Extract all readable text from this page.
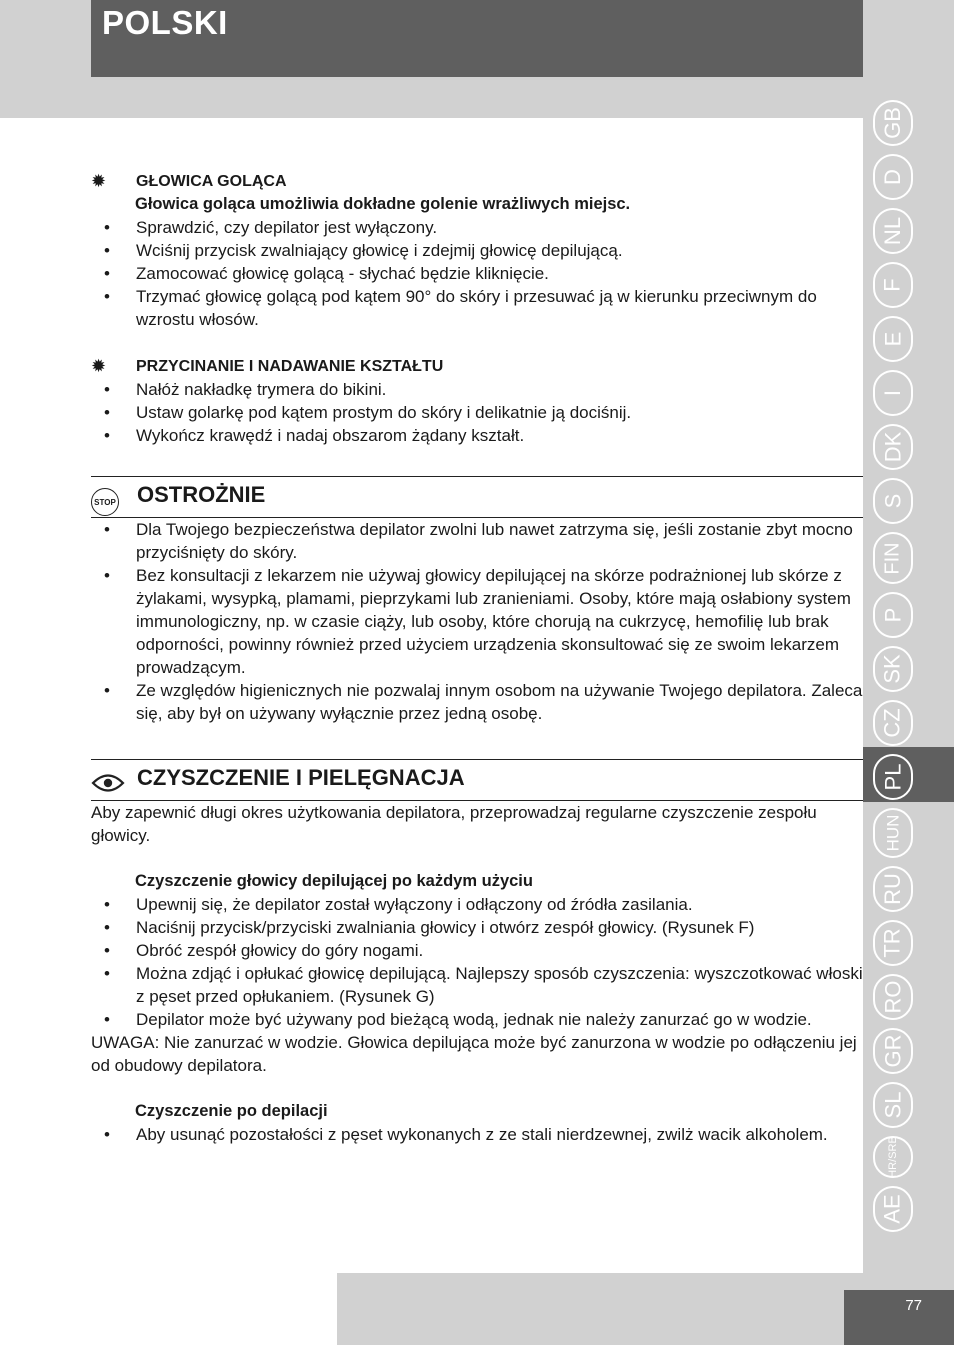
POLSKI
✹ GŁOWICA GOLĄCA
Głowica goląca umożliwia dokładne golenie wrażliwych miejsc.
• Sprawdzić, czy depilator jest wyłączony.
• Wciśnij przycisk zwalniający głowicę i zdejmij głowicę depilującą.
• Zamocować głowicę golącą - słychać będzie kliknięcie.
• Trzymać głowicę golącą pod kątem 90° do skóry i przesuwać ją w kierunku przeciwnym do wzrostu włosów.
✹ PRZYCINANIE I NADAWANIE KSZTAŁTU
• Nałóż nakładkę trymera do bikini.
• Ustaw golarkę pod kątem prostym do skóry i delikatnie ją dociśnij.
• Wykończ krawędź i nadaj obszarom żądany kształt.
STOP OSTROŻNIE
• Dla Twojego bezpieczeństwa depilator zwolni lub nawet zatrzyma się, jeśli zostanie zbyt mocno przyciśnięty do skóry.
• Bez konsultacji z lekarzem nie używaj głowicy depilującej na skórze podrażnionej lub skórze z żylakami, wysypką, plamami, pieprzykami lub zranieniami. Osoby, które mają osłabiony system immunologiczny, np. w czasie ciąży, lub osoby, które chorują na cukrzycę, hemofilię lub brak odporności, powinny również przed użyciem urządzenia skonsultować się ze swoim lekarzem prowadzącym.
• Ze względów higienicznych nie pozwalaj innym osobom na używanie Twojego depilatora. Zaleca się, aby był on używany wyłącznie przez jedną osobę.
CZYSZCZENIE I PIELĘGNACJA

Aby zapewnić długi okres użytkowania depilatora, przeprowadzaj regularne czyszczenie zespołu głowicy.

Czyszczenie głowicy depilującej po każdym użyciu
• Upewnij się, że depilator został wyłączony i odłączony od źródła zasilania.
• Naciśnij przycisk/przyciski zwalniania głowicy i otwórz zespół głowicy. (Rysunek F)
• Obróć zespół głowicy do góry nogami.
• Można zdjąć i opłukać głowicę depilującą. Najlepszy sposób czyszczenia: wyszczotkować włoski z pęset przed opłukaniem. (Rysunek G)
• Depilator może być używany pod bieżącą wodą, jednak nie należy zanurzać go w wodzie.

UWAGA: Nie zanurzać w wodzie. Głowica depilująca może być zanurzona w wodzie po odłączeniu jej od obudowy depilatora.

Czyszczenie po depilacji
• Aby usunąć pozostałości z pęset wykonanych z ze stali nierdzewnej, zwilż wacik alkoholem.
GB
D
NL
F
E
I
DK
S
FIN
P
SK
CZ
PL
HUN
RU
TR
RO
GR
SL
HR/SRB
AE
77
